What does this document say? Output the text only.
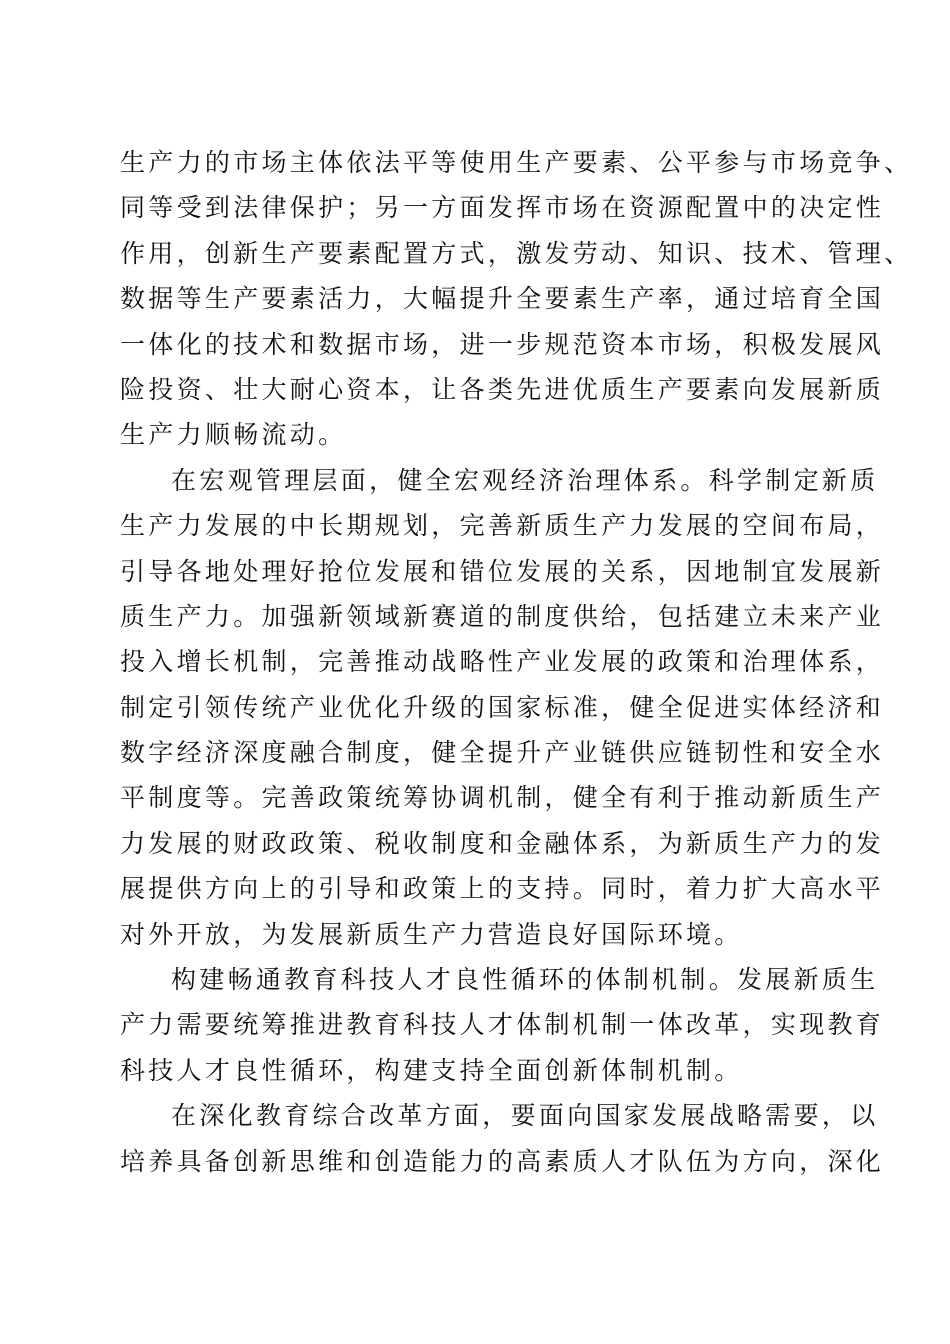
生产力的市场主体依法平等使用生产要素、公平参与市场竞争、
同等受到法律保护；另一方面发挥市场在资源配置中的决定性
作用，创新生产要素配置方式，激发劳动、知识、技术、管理、
数据等生产要素活力，大幅提升全要素生产率，通过培育全国
一体化的技术和数据市场，进一步规范资本市场，积极发展风
险投资、壮大耐心资本，让各类先进优质生产要素向发展新质
生产力顺畅流动。
在宏观管理层面，健全宏观经济治理体系。科学制定新质
生产力发展的中长期规划，完善新质生产力发展的空间布局，
引导各地处理好抢位发展和错位发展的关系，因地制宜发展新
质生产力。加强新领域新赛道的制度供给，包括建立未来产业
投入增长机制，完善推动战略性产业发展的政策和治理体系，
制定引领传统产业优化升级的国家标准，健全促进实体经济和
数字经济深度融合制度，健全提升产业链供应链韧性和安全水
平制度等。完善政策统筹协调机制，健全有利于推动新质生产
力发展的财政政策、税收制度和金融体系，为新质生产力的发
展提供方向上的引导和政策上的支持。同时，着力扩大高水平
对外开放，为发展新质生产力营造良好国际环境。
构建畅通教育科技人才良性循环的体制机制。发展新质生
产力需要统筹推进教育科技人才体制机制一体改革，实现教育
科技人才良性循环，构建支持全面创新体制机制。
在深化教育综合改革方面，要面向国家发展战略需要，以
培养具备创新思维和创造能力的高素质人才队伍为方向，深化
